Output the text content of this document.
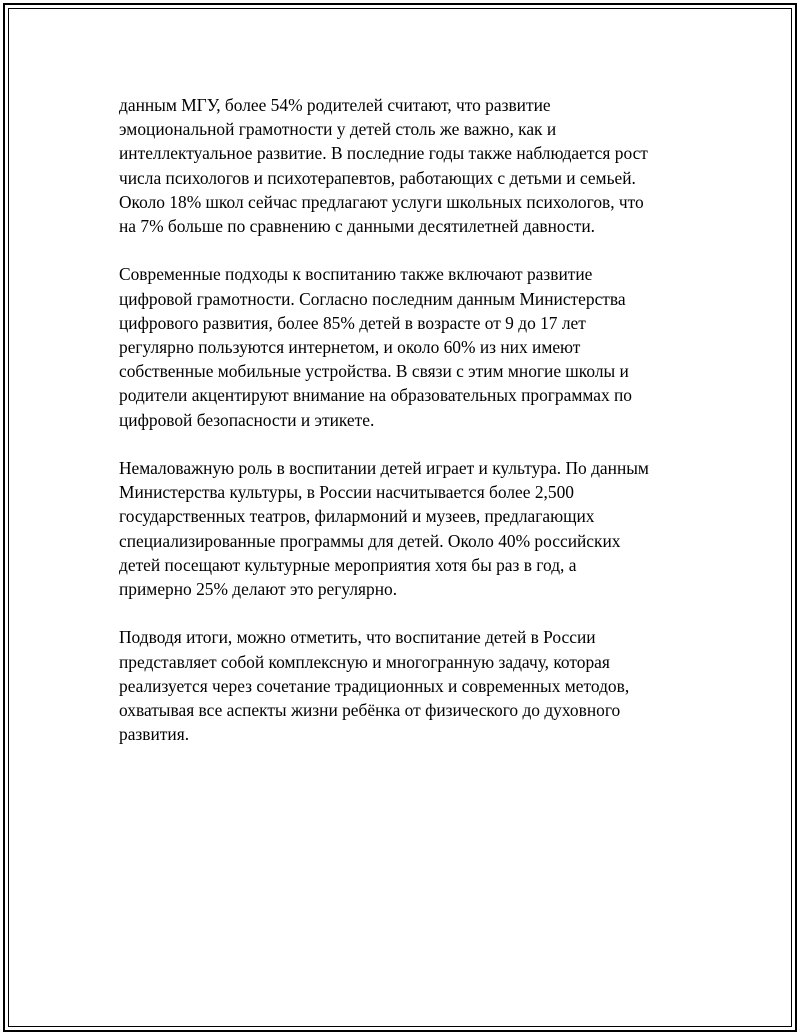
данным МГУ, более 54% родителей считают, что развитие
эмоциональной грамотности у детей столь же важно, как и
интеллектуальное развитие. В последние годы также наблюдается рост
числа психологов и психотерапевтов, работающих с детьми и семьей.
Около 18% школ сейчас предлагают услуги школьных психологов, что
на 7% больше по сравнению с данными десятилетней давности.

Современные подходы к воспитанию также включают развитие
цифровой грамотности. Согласно последним данным Министерства
цифрового развития, более 85% детей в возрасте от 9 до 17 лет
регулярно пользуются интернетом, и около 60% из них имеют
собственные мобильные устройства. В связи с этим многие школы и
родители акцентируют внимание на образовательных программах по
цифровой безопасности и этикете.

Немаловажную роль в воспитании детей играет и культура. По данным
Министерства культуры, в России насчитывается более 2,500
государственных театров, филармоний и музеев, предлагающих
специализированные программы для детей. Около 40% российских
детей посещают культурные мероприятия хотя бы раз в год, а
примерно 25% делают это регулярно.

Подводя итоги, можно отметить, что воспитание детей в России
представляет собой комплексную и многогранную задачу, которая
реализуется через сочетание традиционных и современных методов,
охватывая все аспекты жизни ребёнка от физического до духовного
развития.
